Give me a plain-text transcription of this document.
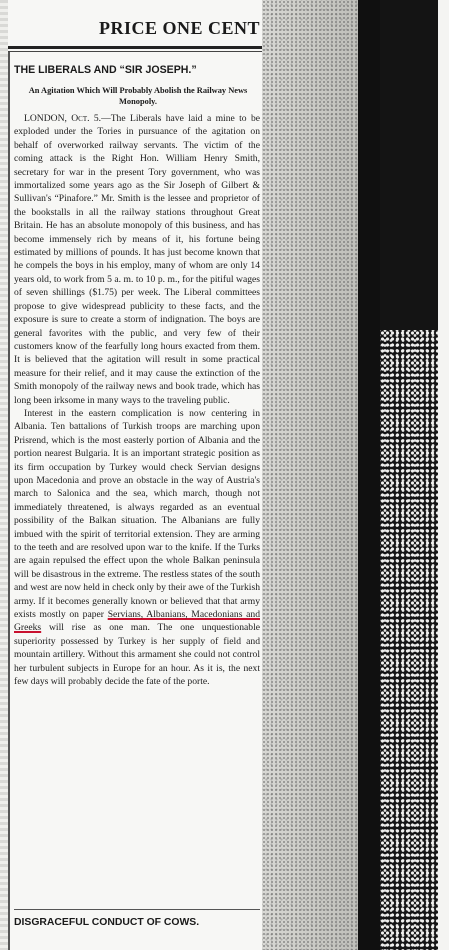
PRICE ONE CENT
THE LIBERALS AND “SIR JOSEPH.”
An Agitation Which Will Probably Abolish the Railway News Monopoly.

LONDON, Oct. 5.—The Liberals have laid a mine to be exploded under the Tories in pursuance of the agitation on behalf of overworked railway servants. The victim of the coming attack is the Right Hon. William Henry Smith, secretary for war in the present Tory government, who was immortalized some years ago as the Sir Joseph of Gilbert & Sullivan's “Pinafore.” Mr. Smith is the lessee and proprietor of the bookstalls in all the railway stations throughout Great Britain. He has an absolute monopoly of this business, and has become immensely rich by means of it, his fortune being estimated by millions of pounds. It has just become known that he compels the boys in his employ, many of whom are only 14 years old, to work from 5 a. m. to 10 p. m., for the pitiful wages of seven shillings ($1.75) per week. The Liberal committees propose to give widespread publicity to these facts, and the exposure is sure to create a storm of indignation. The boys are general favorites with the public, and very few of their customers know of the fearfully long hours exacted from them. It is believed that the agitation will result in some practical measure for their relief, and it may cause the extinction of the Smith monopoly of the railway news and book trade, which has long been irksome in many ways to the traveling public.

Interest in the eastern complication is now centering in Albania. Ten battalions of Turkish troops are marching upon Prisrend, which is the most easterly portion of Albania and the portion nearest Bulgaria. It is an important strategic position as its firm occupation by Turkey would check Servian designs upon Macedonia and prove an obstacle in the way of Austria's march to Salonica and the sea, which march, though not immediately threatened, is always regarded as an eventual possibility of the Balkan situation. The Albanians are fully imbued with the spirit of territorial extension. They are arming to the teeth and are resolved upon war to the knife. If the Turks are again repulsed the effect upon the whole Balkan peninsula will be disastrous in the extreme. The restless states of the south and west are now held in check only by their awe of the Turkish army. If it becomes generally known or believed that that army exists mostly on paper Servians, Albanians, Macedonians and Greeks will rise as one man. The one unquestionable superiority possessed by Turkey is her supply of field and mountain artillery. Without this armament she could not control her turbulent subjects in Europe for an hour. As it is, the next few days will probably decide the fate of the porte.

DISGRACEFUL CONDUCT OF COWS.
